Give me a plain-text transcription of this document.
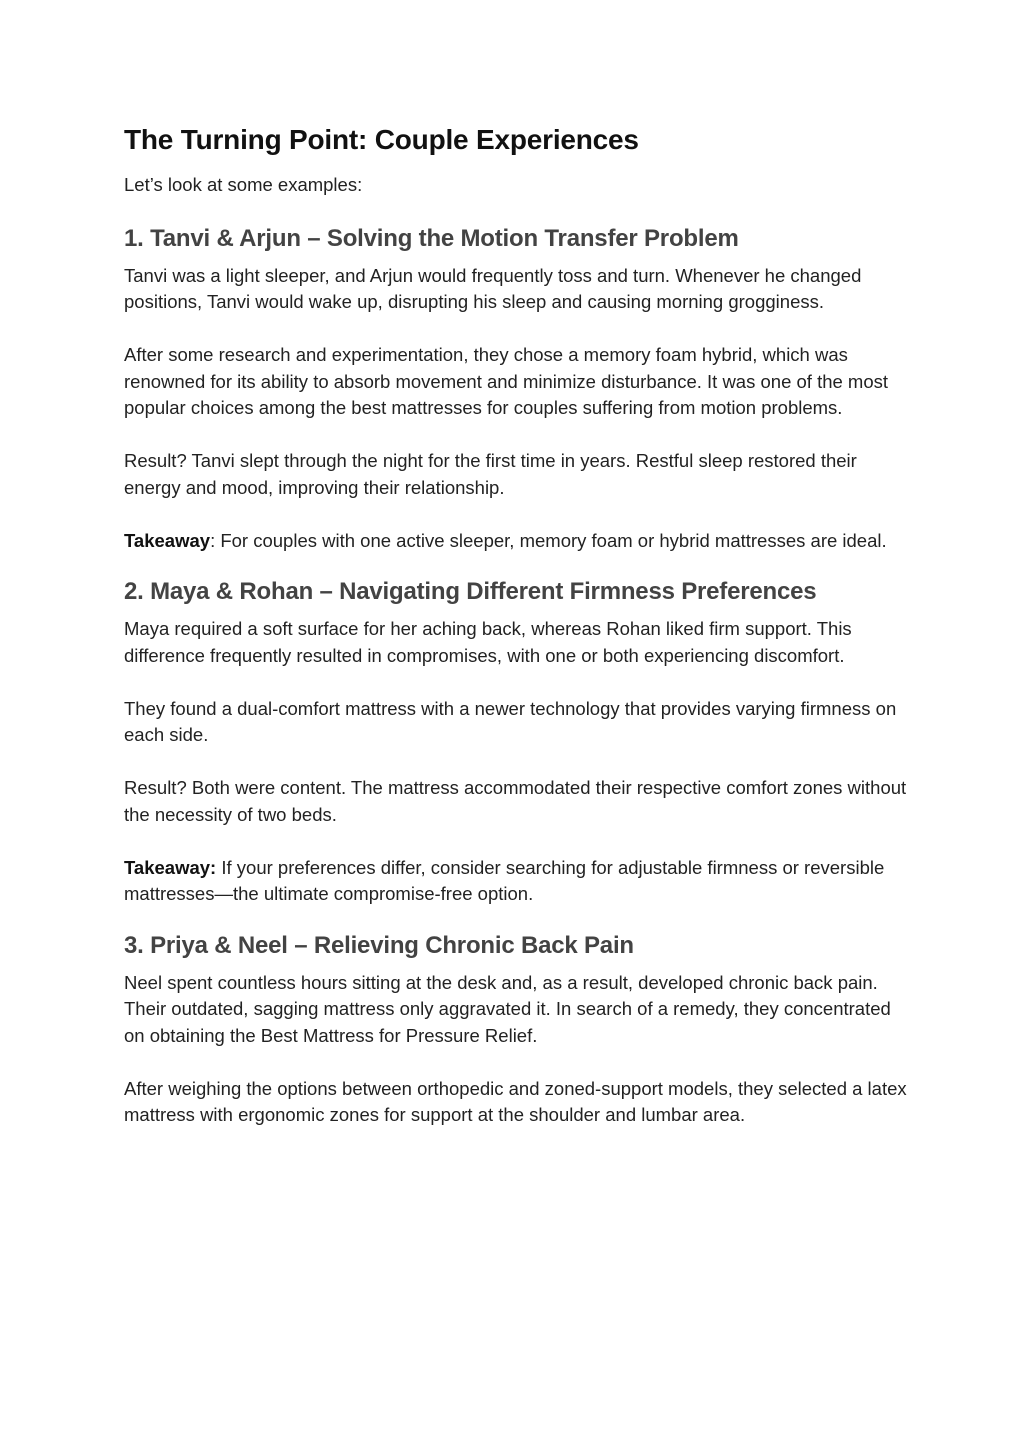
The Turning Point: Couple Experiences

Let’s look at some examples:

1. Tanvi & Arjun – Solving the Motion Transfer Problem

Tanvi was a light sleeper, and Arjun would frequently toss and turn. Whenever he changed positions, Tanvi would wake up, disrupting his sleep and causing morning grogginess.

After some research and experimentation, they chose a memory foam hybrid, which was renowned for its ability to absorb movement and minimize disturbance. It was one of the most popular choices among the best mattresses for couples suffering from motion problems.

Result? Tanvi slept through the night for the first time in years. Restful sleep restored their energy and mood, improving their relationship.

Takeaway: For couples with one active sleeper, memory foam or hybrid mattresses are ideal.

2. Maya & Rohan – Navigating Different Firmness Preferences

Maya required a soft surface for her aching back, whereas Rohan liked firm support. This difference frequently resulted in compromises, with one or both experiencing discomfort.

They found a dual-comfort mattress with a newer technology that provides varying firmness on each side.

Result? Both were content. The mattress accommodated their respective comfort zones without the necessity of two beds.

Takeaway: If your preferences differ, consider searching for adjustable firmness or reversible mattresses—the ultimate compromise-free option.

3. Priya & Neel – Relieving Chronic Back Pain

Neel spent countless hours sitting at the desk and, as a result, developed chronic back pain. Their outdated, sagging mattress only aggravated it. In search of a remedy, they concentrated on obtaining the Best Mattress for Pressure Relief.

After weighing the options between orthopedic and zoned-support models, they selected a latex mattress with ergonomic zones for support at the shoulder and lumbar area.
